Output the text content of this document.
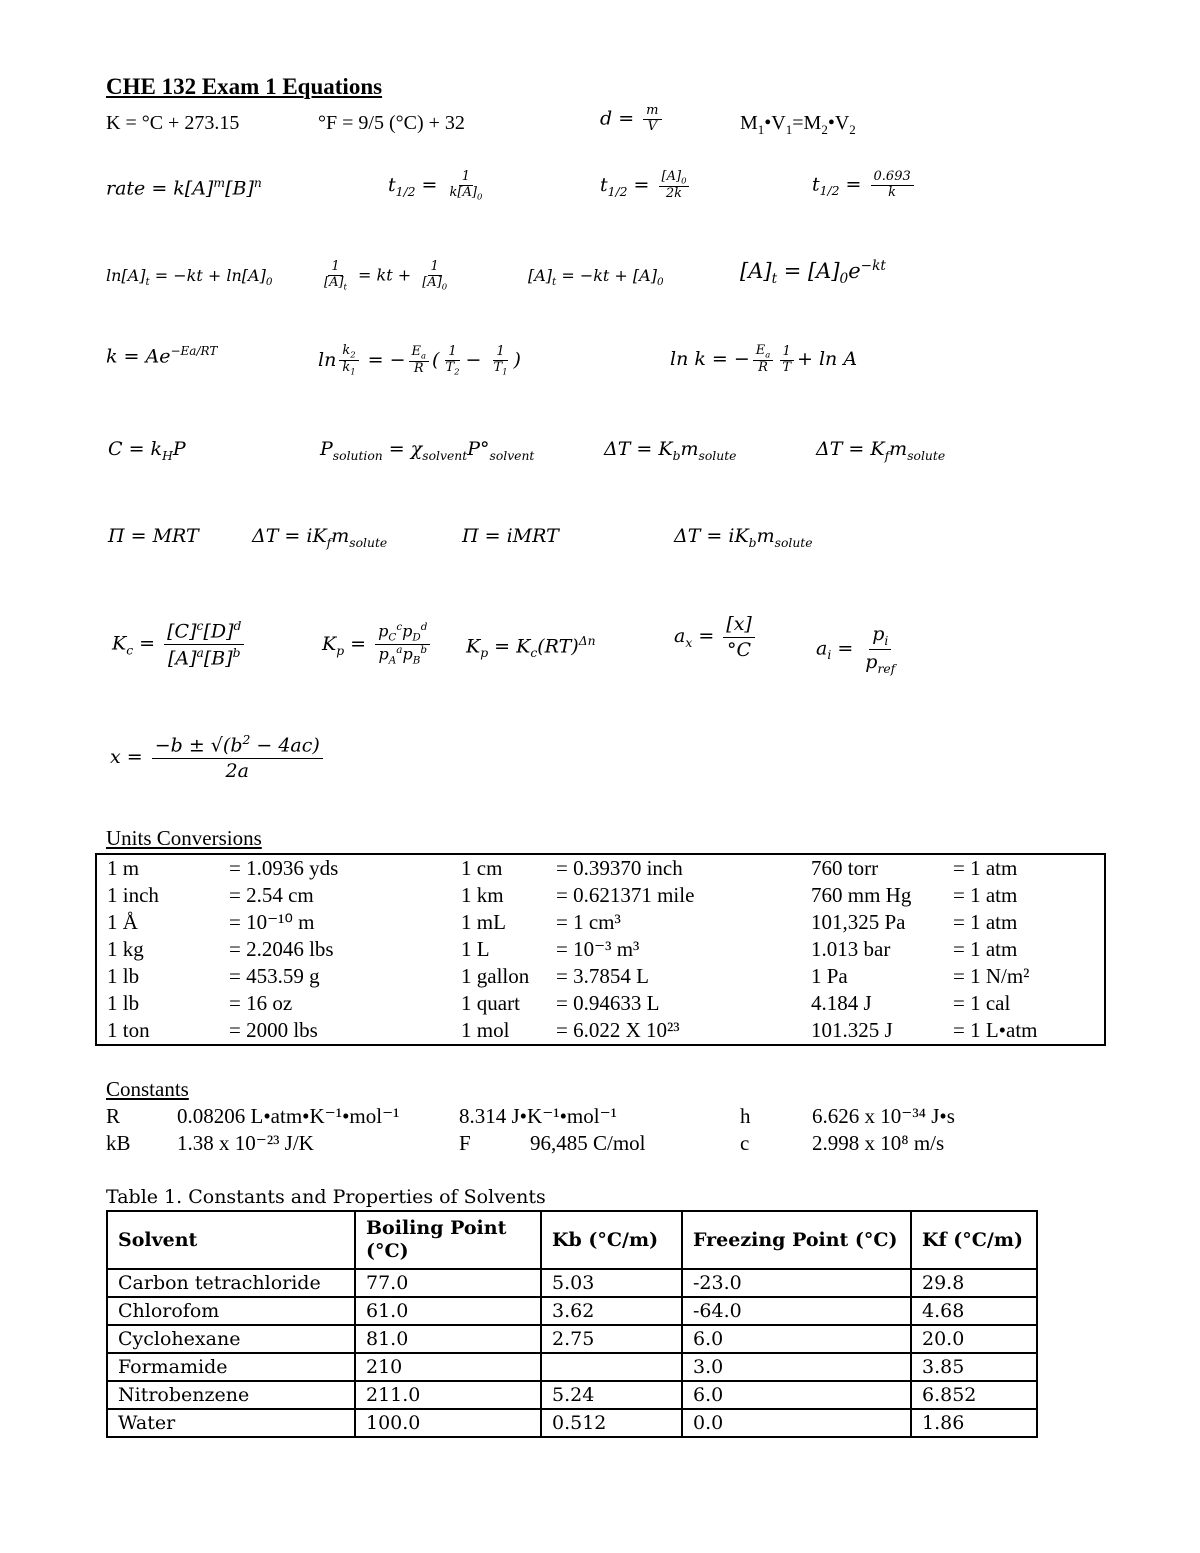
CHE 132 Exam 1 Equations
K = °C + 273.15	°F = 9/5 (°C) + 32	$d = \frac{m}{V}$	$M_1•V_1=M_2•V_2$
rate = $k[A]^m[B]^n$	$t_{1/2} = \frac{1}{k[A]_0}$	$t_{1/2} = \frac{[A]_0}{2k}$	$t_{1/2} = \frac{0.693}{k}$
$\ln[A]_t = -kt + \ln[A]_0$	$\frac{1}{[A]_t}$ = kt + $\frac{1}{[A]_0}$	$[A]_t = -kt + [A]_0$	$[A]_t = [A]_0e^{-kt}$
$k = Ae^{-Ea/RT}$	$\ln \frac{k_2}{k_1}$ = − $\frac{E_a}{R}$ ( $\frac{1}{T_2} - \frac{1}{T_1}$ )	ln k = − $\frac{E_a}{R} \frac{1}{T} + \ln A$
$C = k_HP$	$P_{solution} = \chi_{solvent}P^\circ_{solvent}$	$\Delta T = K_bm_{solute}$	$\Delta T = K_fm_{solute}$
Π = MRT	$\Delta T = iK_fm_{solute}$	Π = iMRT	$\Delta T = iK_bm_{solute}$
$K_c = \frac{[C]^c[D]^d}{[A]^a[B]^b}$	$K_p = \frac{p_C^cp_D^d}{p_A^ap_B^b} K_p = K_c(RT)^{\Delta n}$	$a_x = \frac{[x]}{^\circ C}$	$a_i = \frac{p_i}{p_{ref}}$
$x = \frac{-b \pm √(b^2 - 4ac)}{2a}$
Units Conversions
1 m	= 1.0936 yds	1 cm	= 0.39370 inch	760 torr	= 1 atm
1 inch	= 2.54 cm	1 km	= 0.621371 mile	760 mm Hg	= 1 atm
1 Å	= 10⁻¹⁰ m	1 mL	= 1 cm³	101,325 Pa	= 1 atm
1 kg	= 2.2046 lbs	1 L	= 10⁻³ m³	1.013 bar	= 1 atm
1 lb	= 453.59 g	1 gallon	= 3.7854 L	1 Pa	= 1 N/m²
1 lb	= 16 oz	1 quart	= 0.94633 L	4.184 J	= 1 cal
1 ton	= 2000 lbs	1 mol	= 6.022 X 10²³	101.325 J	= 1 L•atm
Constants
R	0.08206 L•atm•K⁻¹•mol⁻¹	8.314 J•K⁻¹•mol⁻¹	h	6.626 x 10⁻³⁴ J•s
kB 1.38 x 10⁻²³ J/K	F	96,485 C/mol	c	2.998 x 10⁸ m/s
Table 1. Constants and Properties of Solvents
Solvent	Boiling Point (°C)	Kb (°C/m)	Freezing Point (°C)	Kf (°C/m)
Carbon tetrachloride	77.0	5.03	-23.0	29.8
Chlorofom	61.0	3.62	-64.0	4.68
Cyclohexane	81.0	2.75	6.0	20.0
Formamide	210		3.0	3.85
Nitrobenzene	211.0	5.24	6.0	6.852
Water	100.0	0.512	0.0	1.86
